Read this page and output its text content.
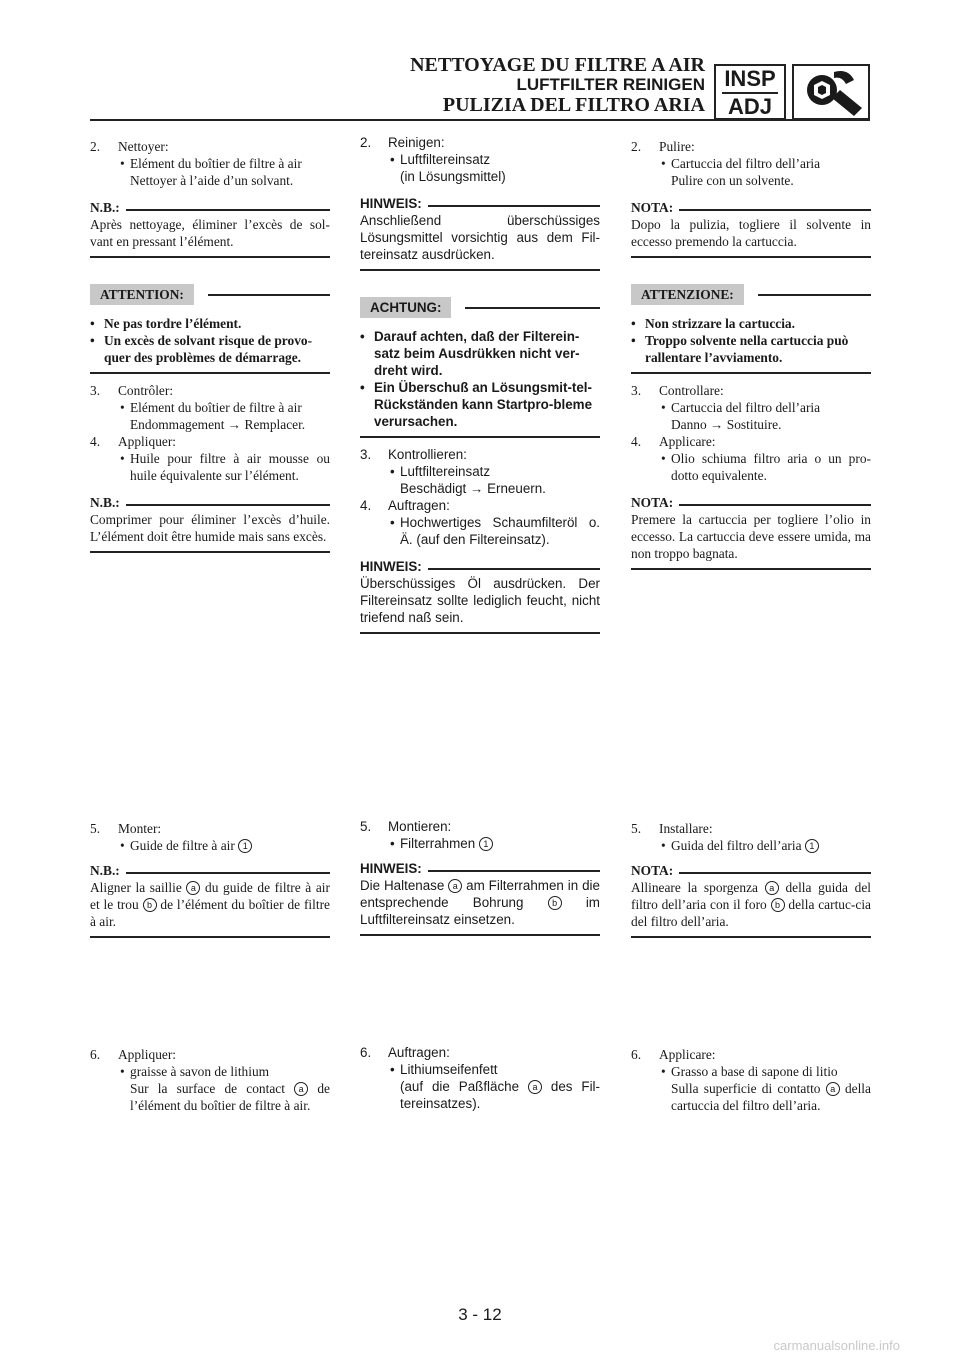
NETTOYAGE DU FILTRE A AIR
LUFTFILTER REINIGEN
PULIZIA DEL FILTRO ARIA
INSP
ADJ
2. Nettoyer:
• Elément du boîtier de filtre à air
Nettoyer à l’aide d’un solvant.
N.B.:
Après nettoyage, éliminer l’excès de sol-vant en pressant l’élément.
ATTENTION:
• Ne pas tordre l’élément.
• Un excès de solvant risque de provo-quer des problèmes de démarrage.
3. Contrôler:
• Elément du boîtier de filtre à air
Endommagement → Remplacer.
4. Appliquer:
• Huile pour filtre à air mousse ou huile équivalente sur l’élément.
N.B.:
Comprimer pour éliminer l’excès d’huile. L’élément doit être humide mais sans excès.
2. Reinigen:
• Luftfiltereinsatz
(in Lösungsmittel)
HINWEIS:
Anschließend überschüssiges Lösungsmittel vorsichtig aus dem Fil-tereinsatz ausdrücken.
ACHTUNG:
• Darauf achten, daß der Filterein-satz beim Ausdrükken nicht ver-dreht wird.
• Ein Überschuß an Lösungsmit-tel-Rückständen kann Startpro-bleme verursachen.
3. Kontrollieren:
• Luftfiltereinsatz
Beschädigt → Erneuern.
4. Auftragen:
• Hochwertiges Schaumfilteröl o. Ä. (auf den Filtereinsatz).
HINWEIS:
Überschüssiges Öl ausdrücken. Der Filtereinsatz sollte lediglich feucht, nicht triefend naß sein.
2. Pulire:
• Cartuccia del filtro dell’aria
Pulire con un solvente.
NOTA:
Dopo la pulizia, togliere il solvente in eccesso premendo la cartuccia.
ATTENZIONE:
• Non strizzare la cartuccia.
• Troppo solvente nella cartuccia può rallentare l’avviamento.
3. Controllare:
• Cartuccia del filtro dell’aria
Danno → Sostituire.
4. Applicare:
• Olio schiuma filtro aria o un pro-dotto equivalente.
NOTA:
Premere la cartuccia per togliere l’olio in eccesso. La cartuccia deve essere umida, ma non troppo bagnata.
5. Monter:
• Guide de filtre à air 1
N.B.:
Aligner la saillie a du guide de filtre à air et le trou b de l’élément du boîtier de filtre à air.
5. Montieren:
• Filterrahmen 1
HINWEIS:
Die Haltenase a am Filterrahmen in die entsprechende Bohrung	b im Luftfiltereinsatz einsetzen.
5. Installare:
• Guida del filtro dell’aria 1
NOTA:
Allineare la sporgenza a della guida del filtro dell’aria con il foro b della cartuc-cia del filtro dell’aria.
6. Appliquer:
• graisse à savon de lithium
Sur la surface de contact a de l’élément du boîtier de filtre à air.
6. Auftragen:
• Lithiumseifenfett
(auf die Paßfläche a des Fil-tereinsatzes).
6. Applicare:
• Grasso a base di sapone di litio
Sulla superficie di contatto a della cartuccia del filtro dell’aria.
3 - 12
carmanualsonline.info
